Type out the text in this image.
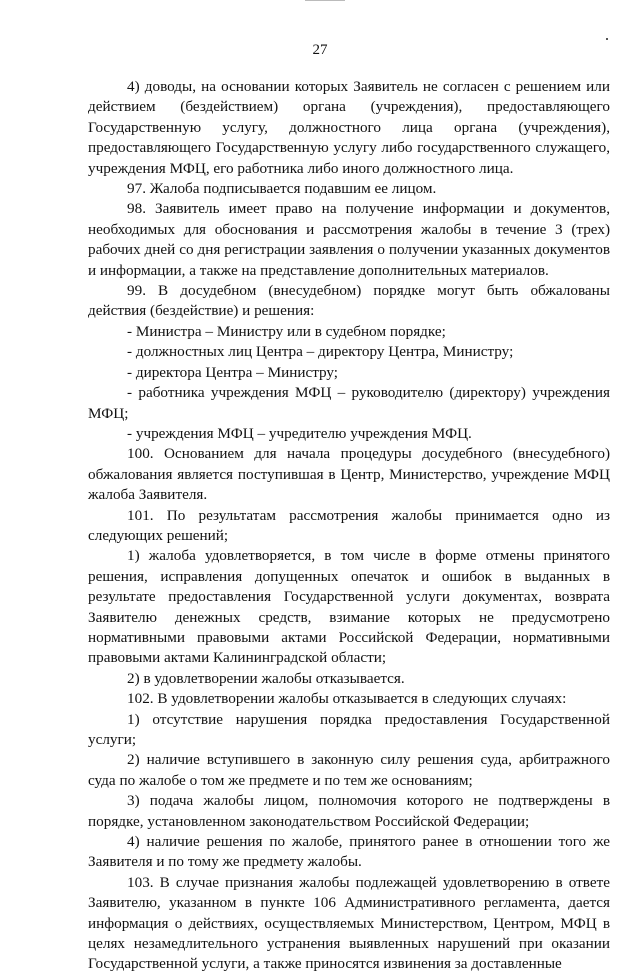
27

4) доводы, на основании которых Заявитель не согласен с решением или действием (бездействием) органа (учреждения), предоставляющего Государственную услугу, должностного лица органа (учреждения), предоставляющего Государственную услугу либо государственного служащего, учреждения МФЦ, его работника либо иного должностного лица.

97. Жалоба подписывается подавшим ее лицом.

98. Заявитель имеет право на получение информации и документов, необходимых для обоснования и рассмотрения жалобы в течение 3 (трех) рабочих дней со дня регистрации заявления о получении указанных документов и информации, а также на представление дополнительных материалов.

99. В досудебном (внесудебном) порядке могут быть обжалованы действия (бездействие) и решения:

- Министра – Министру или в судебном порядке;

- должностных лиц Центра – директору Центра, Министру;

- директора Центра – Министру;

- работника учреждения МФЦ – руководителю (директору) учреждения МФЦ;

- учреждения МФЦ – учредителю учреждения МФЦ.

100. Основанием для начала процедуры досудебного (внесудебного) обжалования является поступившая в Центр, Министерство, учреждение МФЦ жалоба Заявителя.

101. По результатам рассмотрения жалобы принимается одно из следующих решений;

1) жалоба удовлетворяется, в том числе в форме отмены принятого решения, исправления допущенных опечаток и ошибок в выданных в результате предоставления Государственной услуги документах, возврата Заявителю денежных средств, взимание которых не предусмотрено нормативными правовыми актами Российской Федерации, нормативными правовыми актами Калининградской области;

2) в удовлетворении жалобы отказывается.

102. В удовлетворении жалобы отказывается в следующих случаях:

1) отсутствие нарушения порядка предоставления Государственной услуги;

2) наличие вступившего в законную силу решения суда, арбитражного суда по жалобе о том же предмете и по тем же основаниям;

3) подача жалобы лицом, полномочия которого не подтверждены в порядке, установленном законодательством Российской Федерации;

4) наличие решения по жалобе, принятого ранее в отношении того же Заявителя и по тому же предмету жалобы.

103. В случае признания жалобы подлежащей удовлетворению в ответе Заявителю, указанном в пункте 106 Административного регламента, дается информация о действиях, осуществляемых Министерством, Центром, МФЦ в целях незамедлительного устранения выявленных нарушений при оказании Государственной услуги, а также приносятся извинения за доставленные
